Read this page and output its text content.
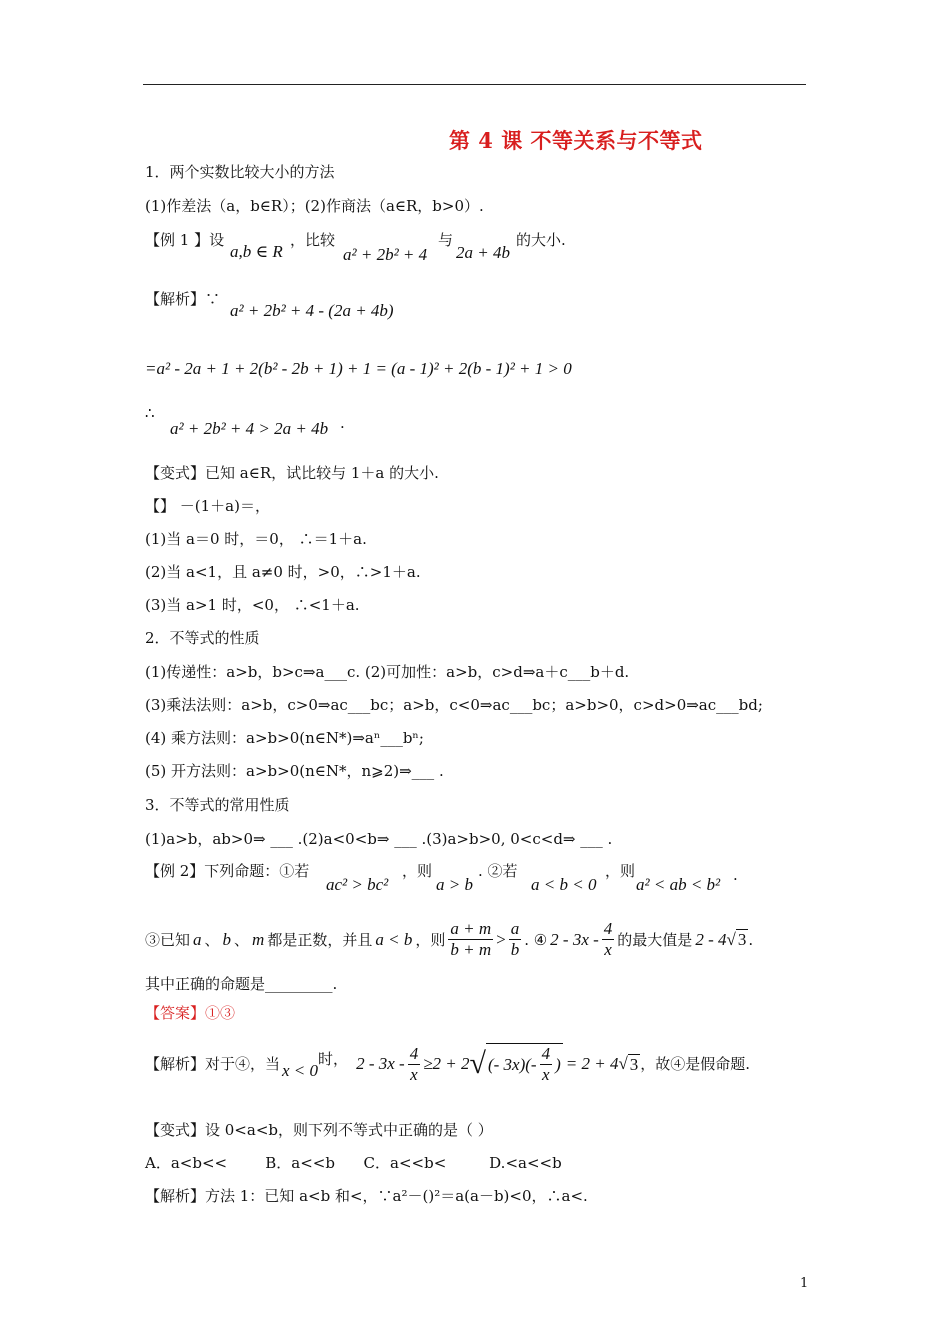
第 4 课 不等关系与不等式
1．两个实数比较大小的方法
(1)作差法（a，b∈R）；(2)作商法（a∈R，b>0）.
【例 1 】设
a,b ∈ R
，比较
a² + 2b² + 4
与
2a + 4b
的大小.
【解析】∵
a² + 2b² + 4 - (2a + 4b)
=a² - 2a + 1 + 2(b² - 2b + 1) + 1 = (a - 1)² + 2(b - 1)² + 1 > 0
∴
a² + 2b² + 4 > 2a + 4b .
【变式】已知 a∈R，试比较与 1＋a 的大小.
【】 －(1＋a)＝，
(1)当 a＝0 时，＝0， ∴＝1＋a.
(2)当 a<1，且 a≠0 时，>0，∴>1＋a.
(3)当 a>1 时，<0， ∴<1＋a.
2．不等式的性质
(1)传递性：a>b，b>c⇒a___c. (2)可加性：a>b，c>d⇒a＋c___b＋d.
(3)乘法法则：a>b，c>0⇒ac___bc；a>b，c<0⇒ac___bc；a>b>0，c>d>0⇒ac___bd;
(4) 乘方法则：a>b>0(n∈N*)⇒aⁿ___bⁿ;
(5) 开方法则：a>b>0(n∈N*，n⩾2)⇒___ .
3．不等式的常用性质
(1)a>b，ab>0⇒ ___ .(2)a<0<b⇒ ___ .(3)a>b>0, 0<c<d⇒ ___ .
【例 2】下列命题：①若
ac² > bc²
，则
a > b
. ②若
a < b < 0
，则
a² < ab < b² .
③已知 a 、 b 、 m 都是正数，并且 a < b ，则 $\frac{a + m}{b + m} > \frac{a}{b}$ . ④ $2 - 3x - \frac{4}{x}$ 的最大值是 2 - 4 √ 3 .
其中正确的命题是_________.
【答案】①③
【解析】对于④，当 x < 0
时， $2 - 3x - \frac{4}{x} \ge 2 + 2$ √ (- $3x)(- \frac{4}{x}$ ) = 2 + 4 √ 3 ，故④是假命题.
【变式】设 0<a<b，则下列不等式中正确的是（ ）
A．a<b<<        B．a<<b      C．a<<b<         D.<a<<b
【解析】方法 1：已知 a<b 和<，∵a²－()²＝a(a－b)<0，∴a<.
1
